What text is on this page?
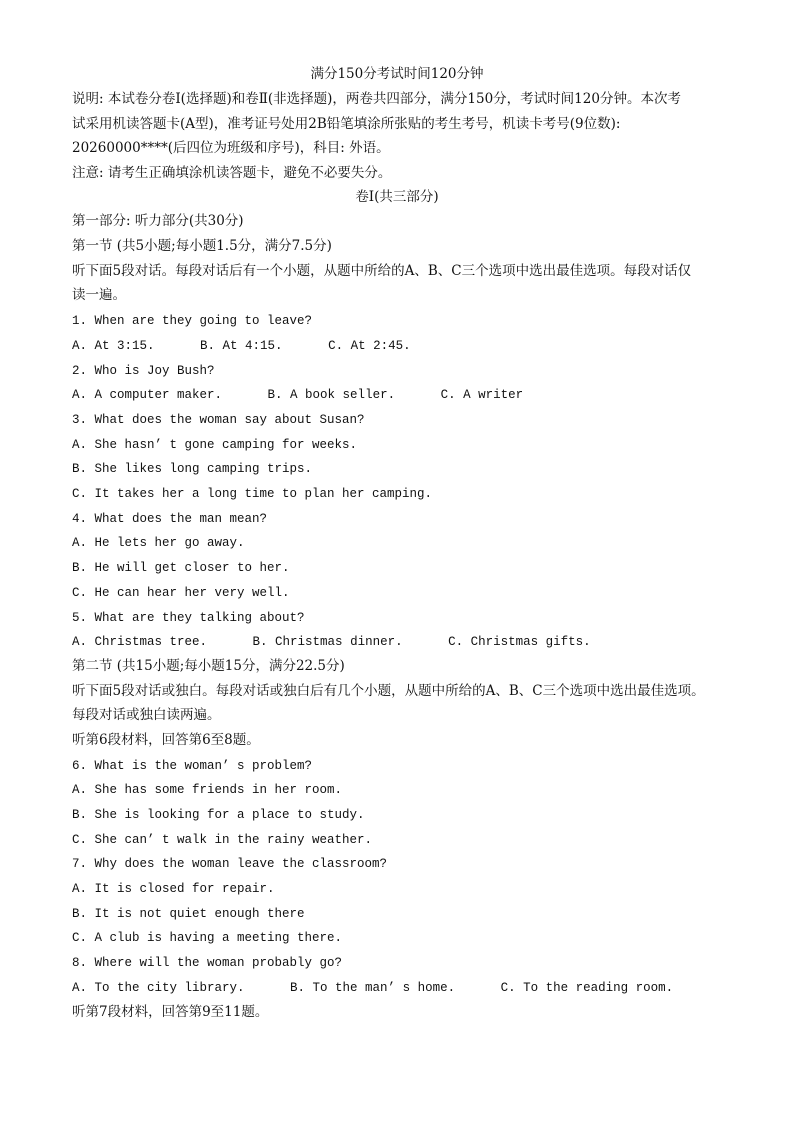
满分150分考试时间120分钟
说明: 本试卷分卷Ⅰ(选择题)和卷Ⅱ(非选择题)，两卷共四部分，满分150分，考试时间120分钟。本次考
试采用机读答题卡(A型)，准考证号处用2B铅笔填涂所张贴的考生考号，机读卡考号(9位数):
20260000****(后四位为班级和序号)，科目: 外语。
注意: 请考生正确填涂机读答题卡，避免不必要失分。
卷Ⅰ(共三部分)
第一部分: 听力部分(共30分)
第一节 (共5小题;每小题1.5分，满分7.5分)
听下面5段对话。每段对话后有一个小题，从题中所给的A、B、C三个选项中选出最佳选项。每段对话仅
读一遍。
1. When are they going to leave?
A. At 3:15.	B. At 4:15.	C. At 2:45.
2. Who is Joy Bush?
A. A computer maker.	B. A book seller.	C. A writer
3. What does the woman say about Susan?
A. She hasn’ t gone camping for weeks.
B. She likes long camping trips.
C. It takes her a long time to plan her camping.
4. What does the man mean?
A. He lets her go away.
B. He will get closer to her.
C. He can hear her very well.
5. What are they talking about?
A. Christmas tree.	B. Christmas dinner.	C. Christmas gifts.
第二节 (共15小题;每小题15分，满分22.5分)
听下面5段对话或独白。每段对话或独白后有几个小题，从题中所给的A、B、C三个选项中选出最佳选项。
每段对话或独白读两遍。
听第6段材料，回答第6至8题。
6. What is the woman’ s problem?
A. She has some friends in her room.
B. She is looking for a place to study.
C. She can’ t walk in the rainy weather.
7. Why does the woman leave the classroom?
A. It is closed for repair.
B. It is not quiet enough there
C. A club is having a meeting there.
8. Where will the woman probably go?
A. To the city library.	B. To the man’ s home.	C. To the reading room.
听第7段材料，回答第9至11题。
